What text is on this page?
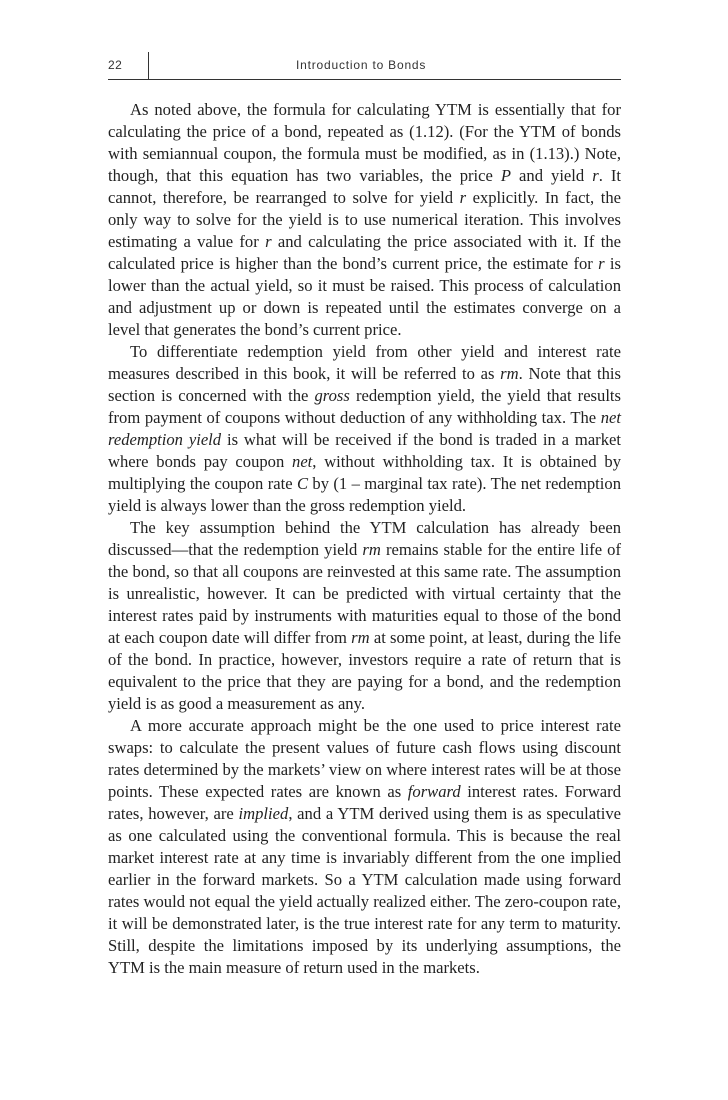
22	Introduction to Bonds

As noted above, the formula for calculating YTM is essentially that for calculating the price of a bond, repeated as (1.12). (For the YTM of bonds with semiannual coupon, the formula must be modified, as in (1.13).) Note, though, that this equation has two variables, the price P and yield r. It cannot, therefore, be rearranged to solve for yield r explicitly. In fact, the only way to solve for the yield is to use numerical iteration. This involves estimating a value for r and calculating the price associated with it. If the calculated price is higher than the bond’s current price, the estimate for r is lower than the actual yield, so it must be raised. This process of calculation and adjustment up or down is repeated until the estimates converge on a level that generates the bond’s current price.

To differentiate redemption yield from other yield and interest rate measures described in this book, it will be referred to as rm. Note that this section is concerned with the gross redemption yield, the yield that results from payment of coupons without deduction of any withholding tax. The net redemption yield is what will be received if the bond is traded in a market where bonds pay coupon net, without withholding tax. It is obtained by multiplying the coupon rate C by (1 – marginal tax rate). The net redemption yield is always lower than the gross redemption yield.

The key assumption behind the YTM calculation has already been discussed—that the redemption yield rm remains stable for the entire life of the bond, so that all coupons are reinvested at this same rate. The assumption is unrealistic, however. It can be predicted with virtual certainty that the interest rates paid by instruments with maturities equal to those of the bond at each coupon date will differ from rm at some point, at least, during the life of the bond. In practice, however, investors require a rate of return that is equivalent to the price that they are paying for a bond, and the redemption yield is as good a measurement as any.

A more accurate approach might be the one used to price interest rate swaps: to calculate the present values of future cash flows using discount rates determined by the markets’ view on where interest rates will be at those points. These expected rates are known as forward interest rates. Forward rates, however, are implied, and a YTM derived using them is as speculative as one calculated using the conventional formula. This is because the real market interest rate at any time is invariably different from the one implied earlier in the forward markets. So a YTM calculation made using forward rates would not equal the yield actually realized either. The zero-coupon rate, it will be demonstrated later, is the true interest rate for any term to maturity. Still, despite the limitations imposed by its underlying assumptions, the YTM is the main measure of return used in the markets.
